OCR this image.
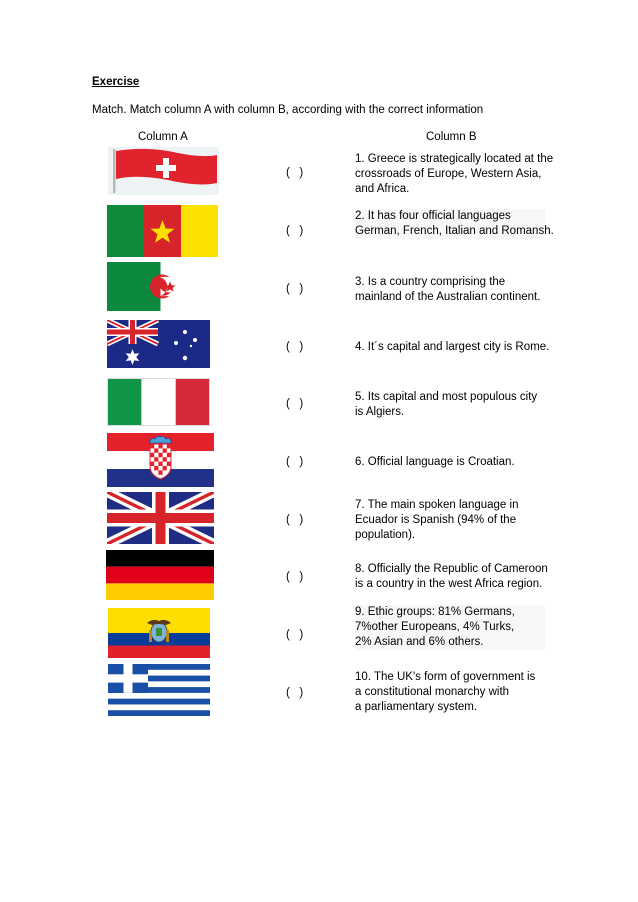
Exercise
Match. Match column A with column B, according with the correct information
Column A	Column B
(   )
(   )
(   )
(   )
(   )
(   )
(   )
(   )
(   )
(   )
1. Greece is strategically located at the
crossroads of Europe, Western Asia,
and Africa.
2. It has four official languages
German, French, Italian and Romansh.
3. Is a country comprising the
mainland of the Australian continent.
4. It´s capital and largest city is Rome.
5. Its capital and most populous city
is Algiers.
6. Official language is Croatian.
7. The main spoken language in
Ecuador is Spanish (94% of the
population).
8. Officially the Republic of Cameroon
is a country in the west Africa region.
9. Ethic groups: 81% Germans,
7%other Europeans, 4% Turks,
2% Asian and 6% others.
10. The UK's form of government is
a constitutional monarchy with
a parliamentary system.
